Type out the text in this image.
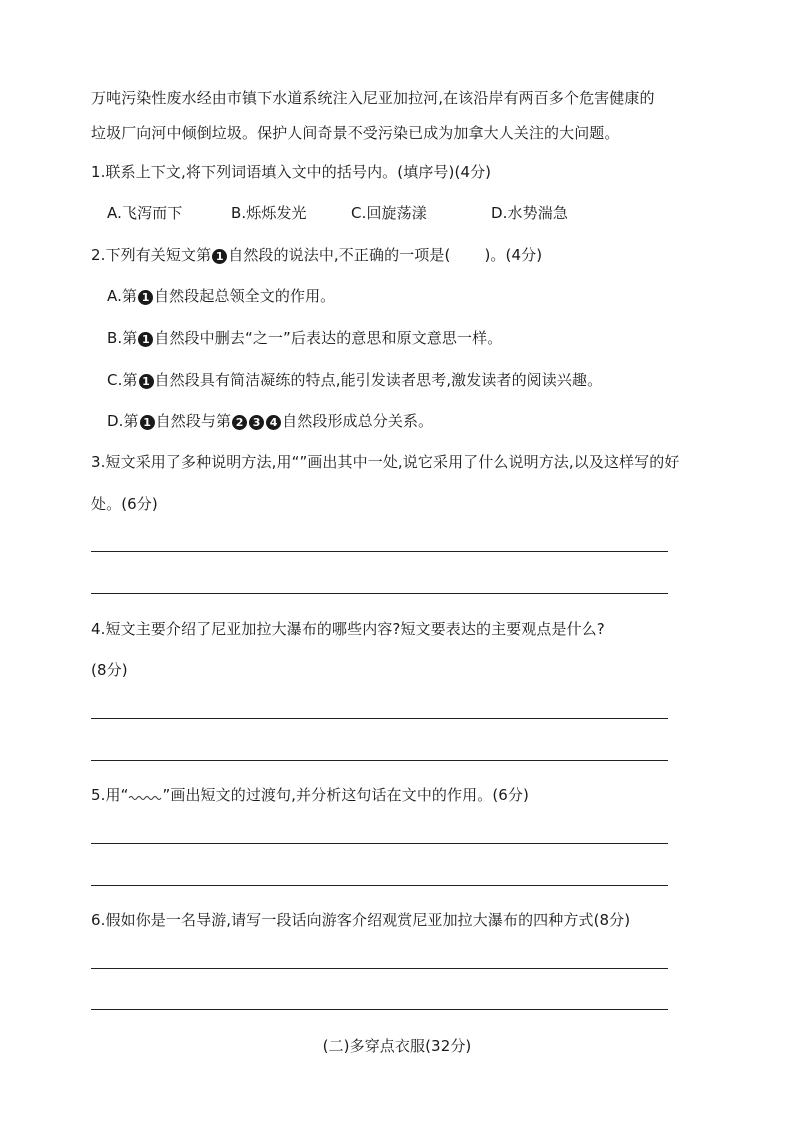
万吨污染性废水经由市镇下水道系统注入尼亚加拉河,在该沿岸有两百多个危害健康的
垃圾厂向河中倾倒垃圾。保护人间奇景不受污染已成为加拿大人关注的大问题。
1.联系上下文,将下列词语填入文中的括号内。(填序号)(4分)
A.飞泻而下	B.烁烁发光	C.回旋荡漾	D.水势湍急
2.下列有关短文第 1 自然段的说法中,不正确的一项是( )。(4分)
A.第 1 自然段起总领全文的作用。
B.第 1 自然段中删去“之一”后表达的意思和原文意思一样。
C.第 1 自然段具有简洁凝练的特点,能引发读者思考,激发读者的阅读兴趣。
D.第 1 自然段与第 2 3 4 自然段形成总分关系。
3.短文采用了多种说明方法,用“”画出其中一处,说它采用了什么说明方法,以及这样写的好
处。(6分)
4.短文主要介绍了尼亚加拉大瀑布的哪些内容?短文要表达的主要观点是什么?
(8分)
5.用“ ”画出短文的过渡句,并分析这句话在文中的作用。(6分)
6.假如你是一名导游,请写一段话向游客介绍观赏尼亚加拉大瀑布的四种方式(8分)
(二)多穿点衣服(32分)
